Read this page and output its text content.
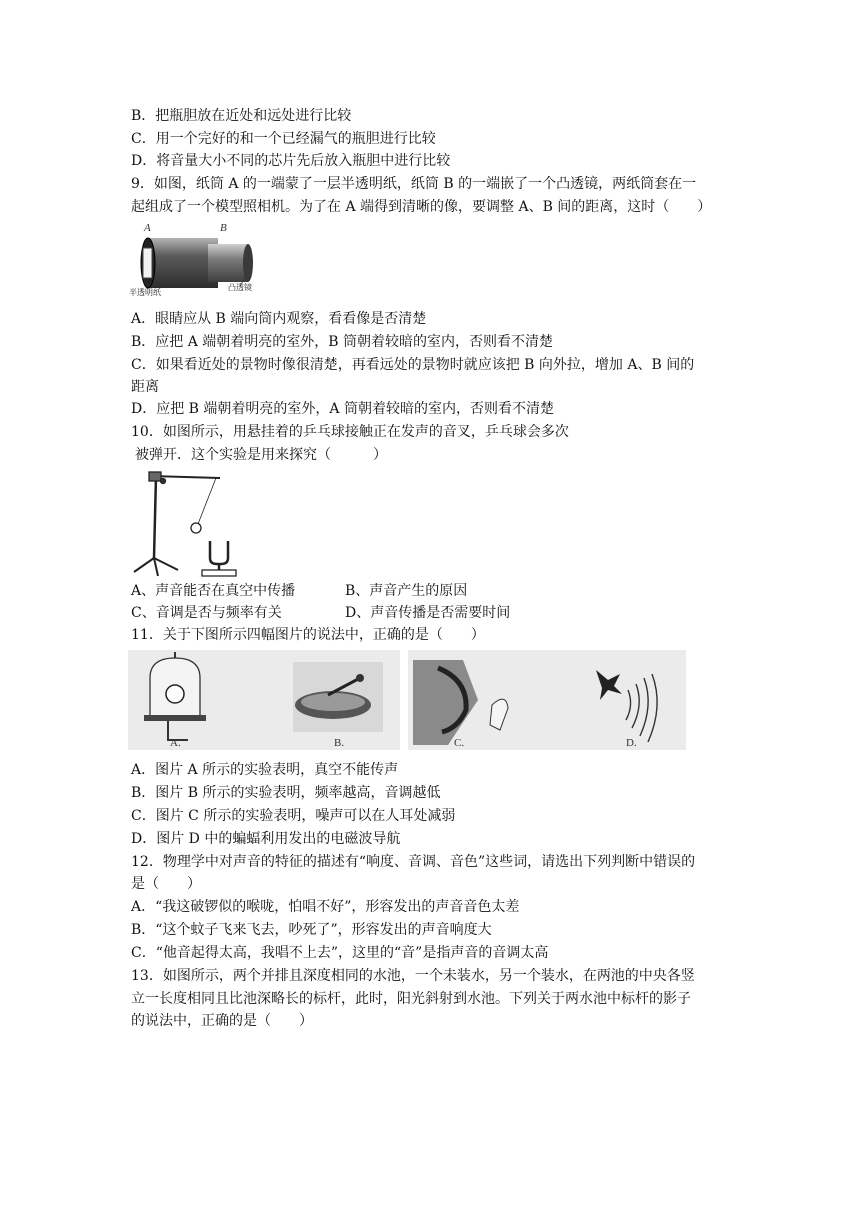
B．把瓶胆放在近处和远处进行比较
C．用一个完好的和一个已经漏气的瓶胆进行比较
D．将音量大小不同的芯片先后放入瓶胆中进行比较
9．如图，纸筒 A 的一端蒙了一层半透明纸，纸筒 B 的一端嵌了一个凸透镜，两纸筒套在一
起组成了一个模型照相机。为了在 A 端得到清晰的像，要调整 A、B 间的距离，这时（　　）
A	B
半透明纸
凸透镜
A．眼睛应从 B 端向筒内观察，看看像是否清楚
B．应把 A 端朝着明亮的室外，B 筒朝着较暗的室内，否则看不清楚
C．如果看近处的景物时像很清楚，再看远处的景物时就应该把 B 向外拉，增加 A、B 间的
距离
D．应把 B 端朝着明亮的室外，A 筒朝着较暗的室内，否则看不清楚
10．如图所示，用悬挂着的乒乓球接触正在发声的音叉，乒乓球会多次
被弹开．这个实验是用来探究（　　　）
A、声音能否在真空中传播	B、声音产生的原因
C、音调是否与频率有关	D、声音传播是否需要时间
11．关于下图所示四幅图片的说法中，正确的是（　　）
A.	B.	C.	D.
A．图片 A 所示的实验表明，真空不能传声
B．图片 B 所示的实验表明，频率越高，音调越低
C．图片 C 所示的实验表明，噪声可以在人耳处减弱
D．图片 D 中的蝙蝠利用发出的电磁波导航
12．物理学中对声音的特征的描述有“响度、音调、音色”这些词，请选出下列判断中错误的
是（　　）
A．“我这破锣似的喉咙，怕唱不好”，形容发出的声音音色太差
B．“这个蚊子飞来飞去，吵死了”，形容发出的声音响度大
C．“他音起得太高，我唱不上去”，这里的“音”是指声音的音调太高
13．如图所示，两个并排且深度相同的水池，一个未装水，另一个装水，在两池的中央各竖
立一长度相同且比池深略长的标杆，此时，阳光斜射到水池。下列关于两水池中标杆的影子
的说法中，正确的是（　　）
